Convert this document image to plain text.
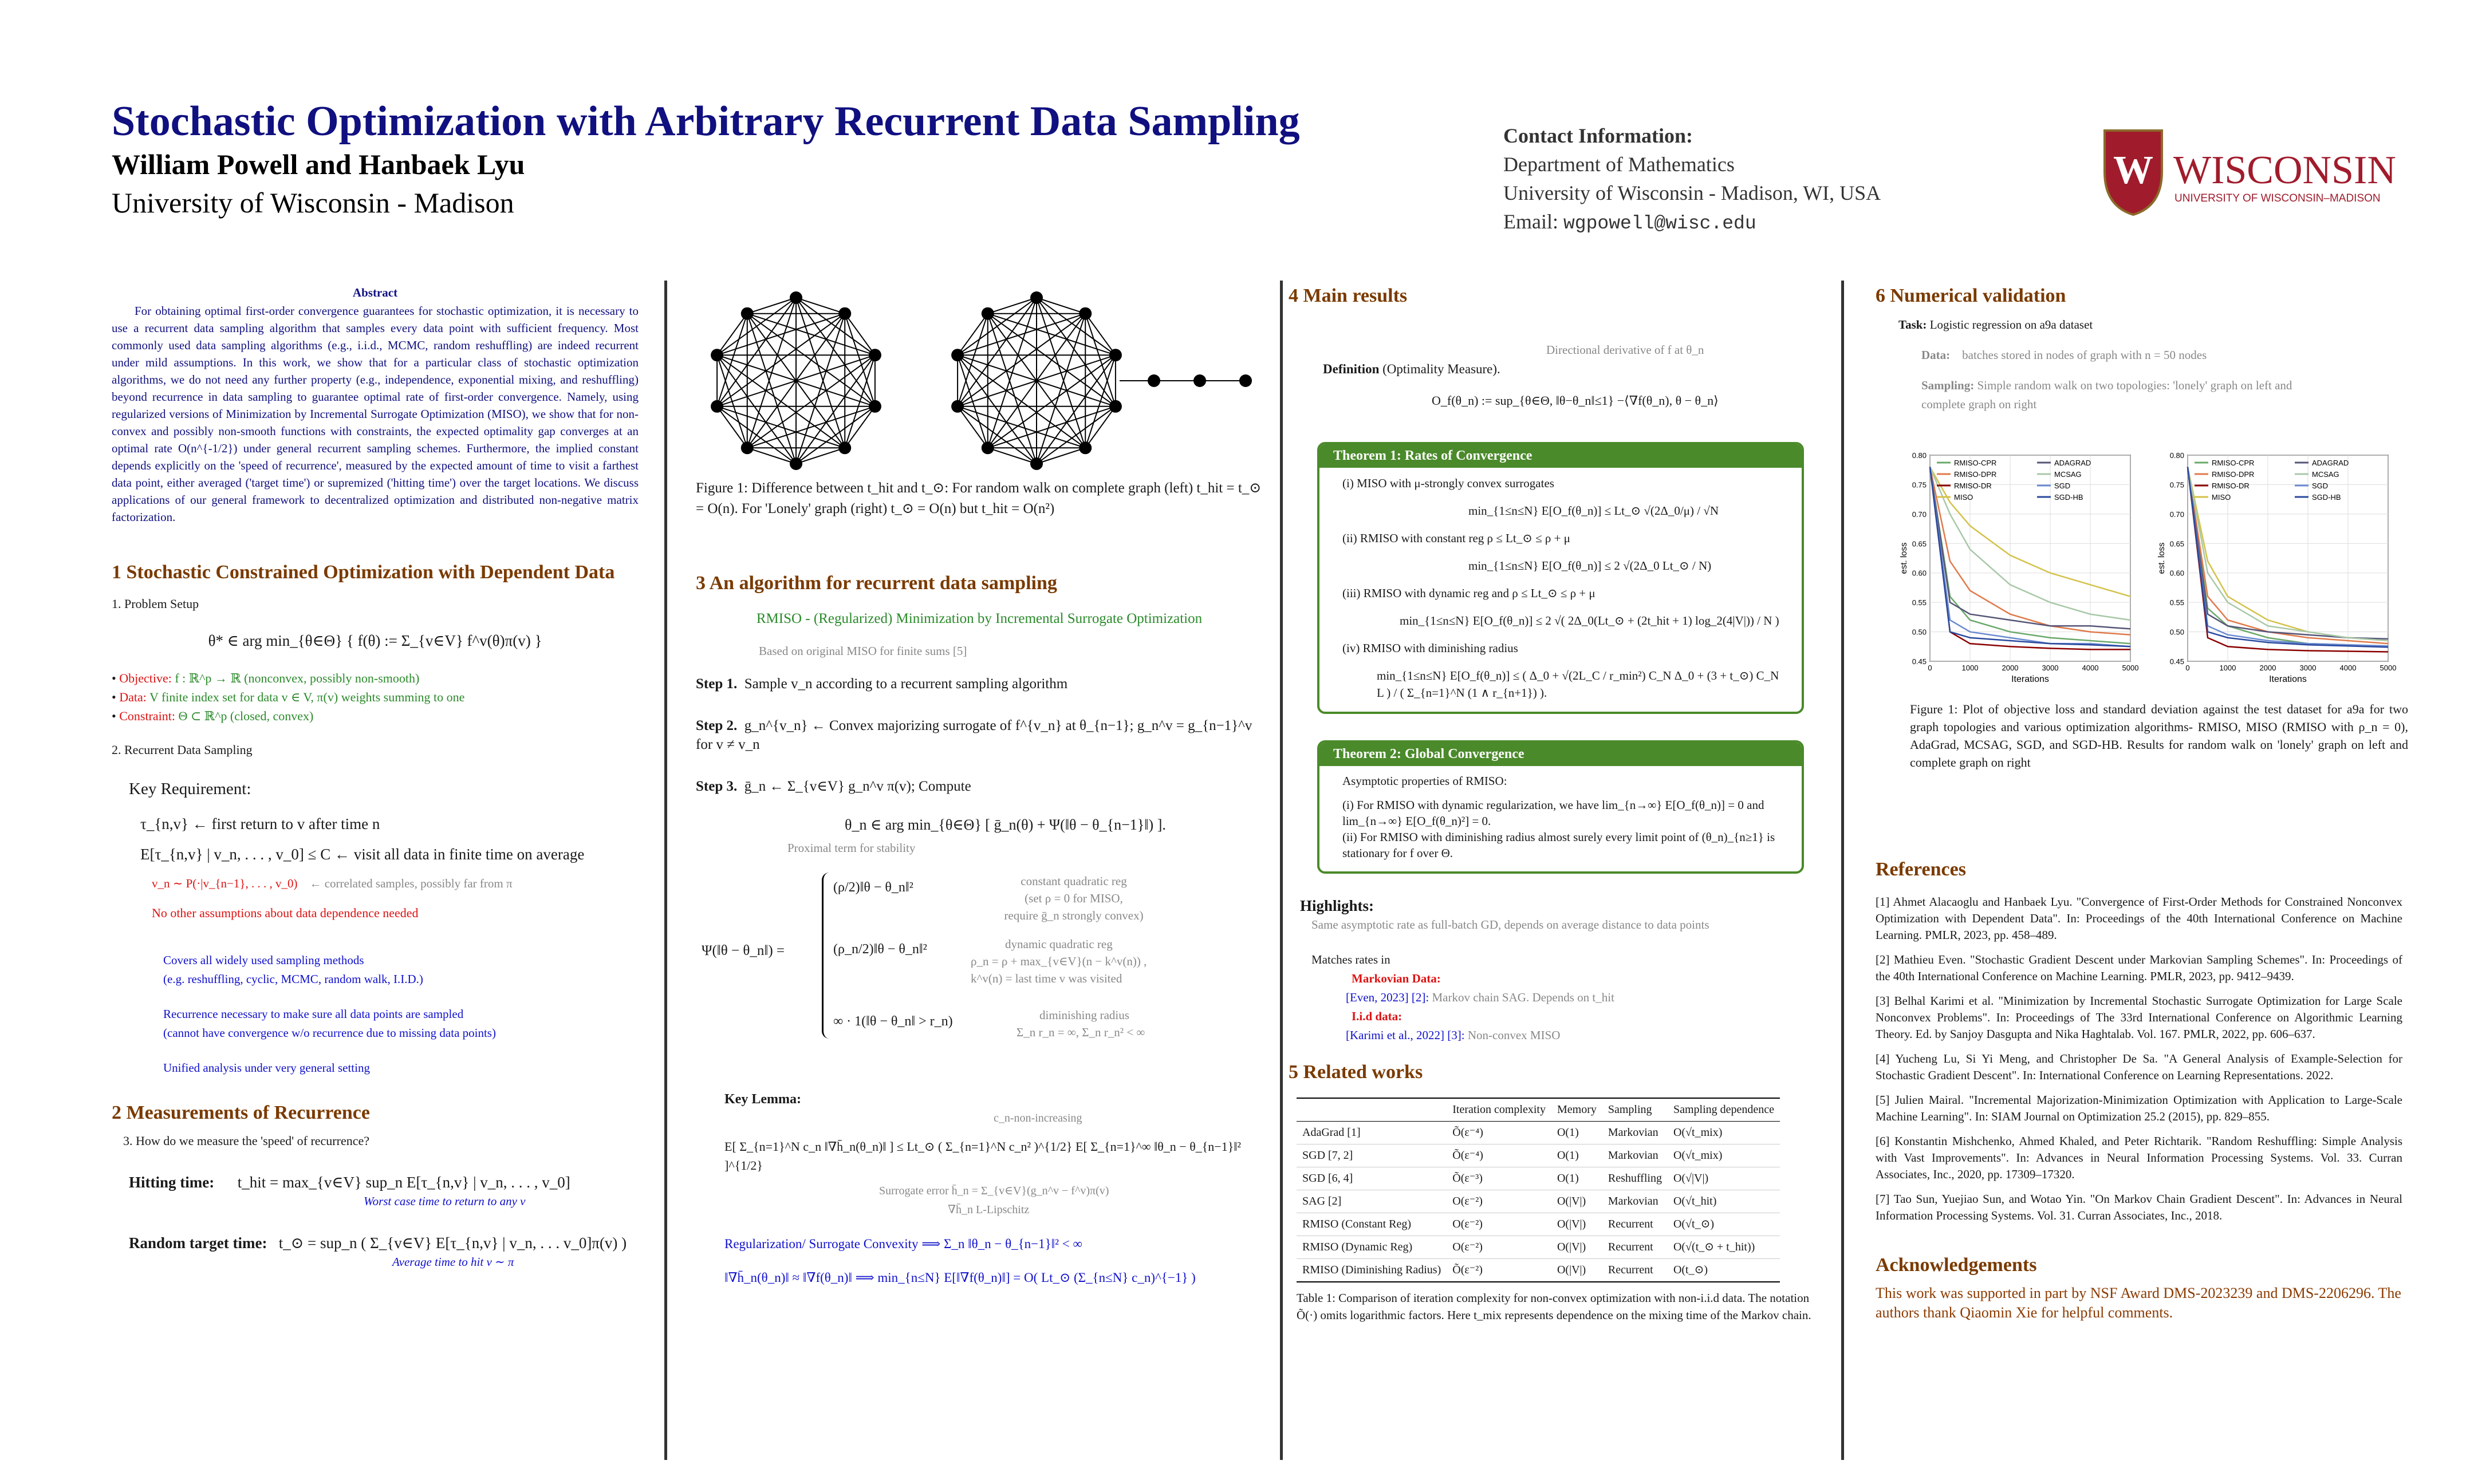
Stochastic Optimization with Arbitrary Recurrent Data Sampling
William Powell and Hanbaek Lyu
University of Wisconsin - Madison
Contact Information:
Department of Mathematics
University of Wisconsin - Madison, WI, USA
Email: wgpowell@wisc.edu
W WISCONSIN
UNIVERSITY OF WISCONSIN–MADISON
Abstract
For obtaining optimal first-order convergence guarantees for stochastic optimization, it is necessary to use a recurrent data sampling algorithm that samples every data point with sufficient frequency. Most commonly used data sampling algorithms (e.g., i.i.d., MCMC, random reshuffling) are indeed recurrent under mild assumptions. In this work, we show that for a particular class of stochastic optimization algorithms, we do not need any further property (e.g., independence, exponential mixing, and reshuffling) beyond recurrence in data sampling to guarantee optimal rate of first-order convergence. Namely, using regularized versions of Minimization by Incremental Surrogate Optimization (MISO), we show that for non-convex and possibly non-smooth functions with constraints, the expected optimality gap converges at an optimal rate O(n^{-1/2}) under general recurrent sampling schemes. Furthermore, the implied constant depends explicitly on the 'speed of recurrence', measured by the expected amount of time to visit a farthest data point, either averaged ('target time') or supremized ('hitting time') over the target locations. We discuss applications of our general framework to decentralized optimization and distributed non-negative matrix factorization.
1 Stochastic Constrained Optimization with Dependent Data
1. Problem Setup
θ* ∈ arg min_{θ∈Θ} { f(θ) := Σ_{v∈V} f^v(θ)π(v) }
• Objective: f : ℝ^p → ℝ (nonconvex, possibly non-smooth)
• Data: V finite index set for data v ∈ V, π(v) weights summing to one
• Constraint: Θ ⊂ ℝ^p (closed, convex)
2. Recurrent Data Sampling
Key Requirement:
τ_{n,v} ← first return to v after time n
E[τ_{n,v} | v_n, . . . , v_0] ≤ C ← visit all data in finite time on average
v_n ∼ P(·|v_{n−1}, . . . , v_0) ← correlated samples, possibly far from π
No other assumptions about data dependence needed
Covers all widely used sampling methods
(e.g. reshuffling, cyclic, MCMC, random walk, I.I.D.)
Recurrence necessary to make sure all data points are sampled
(cannot have convergence w/o recurrence due to missing data points)
Unified analysis under very general setting
2 Measurements of Recurrence
3. How do we measure the 'speed' of recurrence?
Hitting time: t_hit = max_{v∈V} sup_n E[τ_{n,v} | v_n, . . . , v_0]
Worst case time to return to any v
Random target time: t_⊙ = sup_n ( Σ_{v∈V} E[τ_{n,v} | v_n, . . . v_0]π(v) )
Average time to hit v ∼ π
Figure 1: Difference between t_hit and t_⊙: For random walk on complete graph (left) t_hit = t_⊙ = O(n). For 'Lonely' graph (right) t_⊙ = O(n) but t_hit = O(n²)
3 An algorithm for recurrent data sampling
RMISO - (Regularized) Minimization by Incremental Surrogate Optimization
Based on original MISO for finite sums [5]
Step 1. Sample v_n according to a recurrent sampling algorithm
Step 2. g_n^{v_n} ← Convex majorizing surrogate of f^{v_n} at θ_{n−1}; g_n^v = g_{n−1}^v for v ≠ v_n
Step 3. ḡ_n ← Σ_{v∈V} g_n^v π(v); Compute
θ_n ∈ arg min_{θ∈Θ} [ ḡ_n(θ) + Ψ(‖θ − θ_{n−1}‖) ].
Proximal term for stability
Ψ(‖θ − θ_n‖) =
(ρ/2)‖θ − θ_n‖²	constant quadratic reg
(set ρ = 0 for MISO,
require ḡ_n strongly convex)
(ρ_n/2)‖θ − θ_n‖²	dynamic quadratic reg
ρ_n = ρ + max_{v∈V}(n − k^v(n)) ,
k^v(n) = last time v was visited
∞ · 1(‖θ − θ_n‖ > r_n)	diminishing radius
Σ_n r_n = ∞, Σ_n r_n² < ∞
Key Lemma:
c_n-non-increasing
E[ Σ_{n=1}^N c_n ‖∇h̄_n(θ_n)‖ ] ≤ Lt_⊙ ( Σ_{n=1}^N c_n² )^{1/2} E[ Σ_{n=1}^∞ ‖θ_n − θ_{n−1}‖² ]^{1/2}
Surrogate error h̄_n = Σ_{v∈V}(g_n^v − f^v)π(v)
∇h̄_n L-Lipschitz
Regularization/ Surrogate Convexity ⟹ Σ_n ‖θ_n − θ_{n−1}‖² < ∞
‖∇h̄_n(θ_n)‖ ≈ ‖∇f(θ_n)‖ ⟹ min_{n≤N} E[‖∇f(θ_n)‖] = O( Lt_⊙ (Σ_{n≤N} c_n)^{−1} )
4 Main results
Directional derivative of f at θ_n
Definition (Optimality Measure).
O_f(θ_n) := sup_{θ∈Θ, ‖θ−θ_n‖≤1} −⟨∇f(θ_n), θ − θ_n⟩
Theorem 1: Rates of Convergence
(i) MISO with μ-strongly convex surrogates
min_{1≤n≤N} E[O_f(θ_n)] ≤ Lt_⊙ √(2Δ_0/μ) / √N
(ii) RMISO with constant reg ρ ≤ Lt_⊙ ≤ ρ + μ
min_{1≤n≤N} E[O_f(θ_n)] ≤ 2 √(2Δ_0 Lt_⊙ / N)
(iii) RMISO with dynamic reg and ρ ≤ Lt_⊙ ≤ ρ + μ
min_{1≤n≤N} E[O_f(θ_n)] ≤ 2 √( 2Δ_0(Lt_⊙ + (2t_hit + 1) log_2(4|V|)) / N )
(iv) RMISO with diminishing radius
min_{1≤n≤N} E[O_f(θ_n)] ≤ ( Δ_0 + √(2L_C / r_min²) C_N Δ_0 + (3 + t_⊙) C_N L ) / ( Σ_{n=1}^N (1 ∧ r_{n+1}) ).
Theorem 2: Global Convergence
Asymptotic properties of RMISO:
(i) For RMISO with dynamic regularization, we have lim_{n→∞} E[O_f(θ_n)] = 0 and lim_{n→∞} E[O_f(θ_n)²] = 0.
(ii) For RMISO with diminishing radius almost surely every limit point of (θ_n)_{n≥1} is stationary for f over Θ.
Highlights:
Same asymptotic rate as full-batch GD, depends on average distance to data points
Matches rates in
Markovian Data:
[Even, 2023] [2]: Markov chain SAG. Depends on t_hit
I.i.d data:
[Karimi et al., 2022] [3]: Non-convex MISO
5 Related works
	Iteration complexity	Memory	Sampling	Sampling dependence
AdaGrad [1]	Õ(ε⁻⁴)	O(1)	Markovian	O(√t_mix)
SGD [7, 2]	Õ(ε⁻⁴)	O(1)	Markovian	O(√t_mix)
SGD [6, 4]	Õ(ε⁻³)	O(1)	Reshuffling	O(√|V|)
SAG [2]	O(ε⁻²)	O(|V|)	Markovian	O(√t_hit)
RMISO (Constant Reg)	O(ε⁻²)	O(|V|)	Recurrent	O(√t_⊙)
RMISO (Dynamic Reg)	O(ε⁻²)	O(|V|)	Recurrent	O(√(t_⊙ + t_hit))
RMISO (Diminishing Radius)	Õ(ε⁻²)	O(|V|)	Recurrent	O(t_⊙)
Table 1: Comparison of iteration complexity for non-convex optimization with non-i.i.d data. The notation Õ(·) omits logarithmic factors. Here t_mix represents dependence on the mixing time of the Markov chain.
6 Numerical validation
Task: Logistic regression on a9a dataset
Data: batches stored in nodes of graph with n = 50 nodes
Sampling: Simple random walk on two topologies: 'lonely' graph on left and complete graph on right
0.45
0.50
0.55
0.60
0.65
0.70
0.75
0.80
0	1000	2000	3000	4000	5000
Iterations
est. loss
RMISO-CPR
RMISO-DPR
RMISO-DR
MISO
ADAGRAD
MCSAG
SGD
SGD-HB
0.45
0.50
0.55
0.60
0.65
0.70
0.75
0.80
0	1000	2000	3000	4000	5000
Iterations
est. loss
RMISO-CPR
RMISO-DPR
RMISO-DR
MISO
ADAGRAD
MCSAG
SGD
SGD-HB
Figure 1: Plot of objective loss and standard deviation against the test dataset for a9a for two graph topologies and various optimization algorithms- RMISO, MISO (RMISO with ρ_n = 0), AdaGrad, MCSAG, SGD, and SGD-HB. Results for random walk on 'lonely' graph on left and complete graph on right
References
[1] Ahmet Alacaoglu and Hanbaek Lyu. "Convergence of First-Order Methods for Constrained Nonconvex Optimization with Dependent Data". In: Proceedings of the 40th International Conference on Machine Learning. PMLR, 2023, pp. 458–489.
[2] Mathieu Even. "Stochastic Gradient Descent under Markovian Sampling Schemes". In: Proceedings of the 40th International Conference on Machine Learning. PMLR, 2023, pp. 9412–9439.
[3] Belhal Karimi et al. "Minimization by Incremental Stochastic Surrogate Optimization for Large Scale Nonconvex Problems". In: Proceedings of The 33rd International Conference on Algorithmic Learning Theory. Ed. by Sanjoy Dasgupta and Nika Haghtalab. Vol. 167. PMLR, 2022, pp. 606–637.
[4] Yucheng Lu, Si Yi Meng, and Christopher De Sa. "A General Analysis of Example-Selection for Stochastic Gradient Descent". In: International Conference on Learning Representations. 2022.
[5] Julien Mairal. "Incremental Majorization-Minimization Optimization with Application to Large-Scale Machine Learning". In: SIAM Journal on Optimization 25.2 (2015), pp. 829–855.
[6] Konstantin Mishchenko, Ahmed Khaled, and Peter Richtarik. "Random Reshuffling: Simple Analysis with Vast Improvements". In: Advances in Neural Information Processing Systems. Vol. 33. Curran Associates, Inc., 2020, pp. 17309–17320.
[7] Tao Sun, Yuejiao Sun, and Wotao Yin. "On Markov Chain Gradient Descent". In: Advances in Neural Information Processing Systems. Vol. 31. Curran Associates, Inc., 2018.
Acknowledgements
This work was supported in part by NSF Award DMS-2023239 and DMS-2206296. The authors thank Qiaomin Xie for helpful comments.
